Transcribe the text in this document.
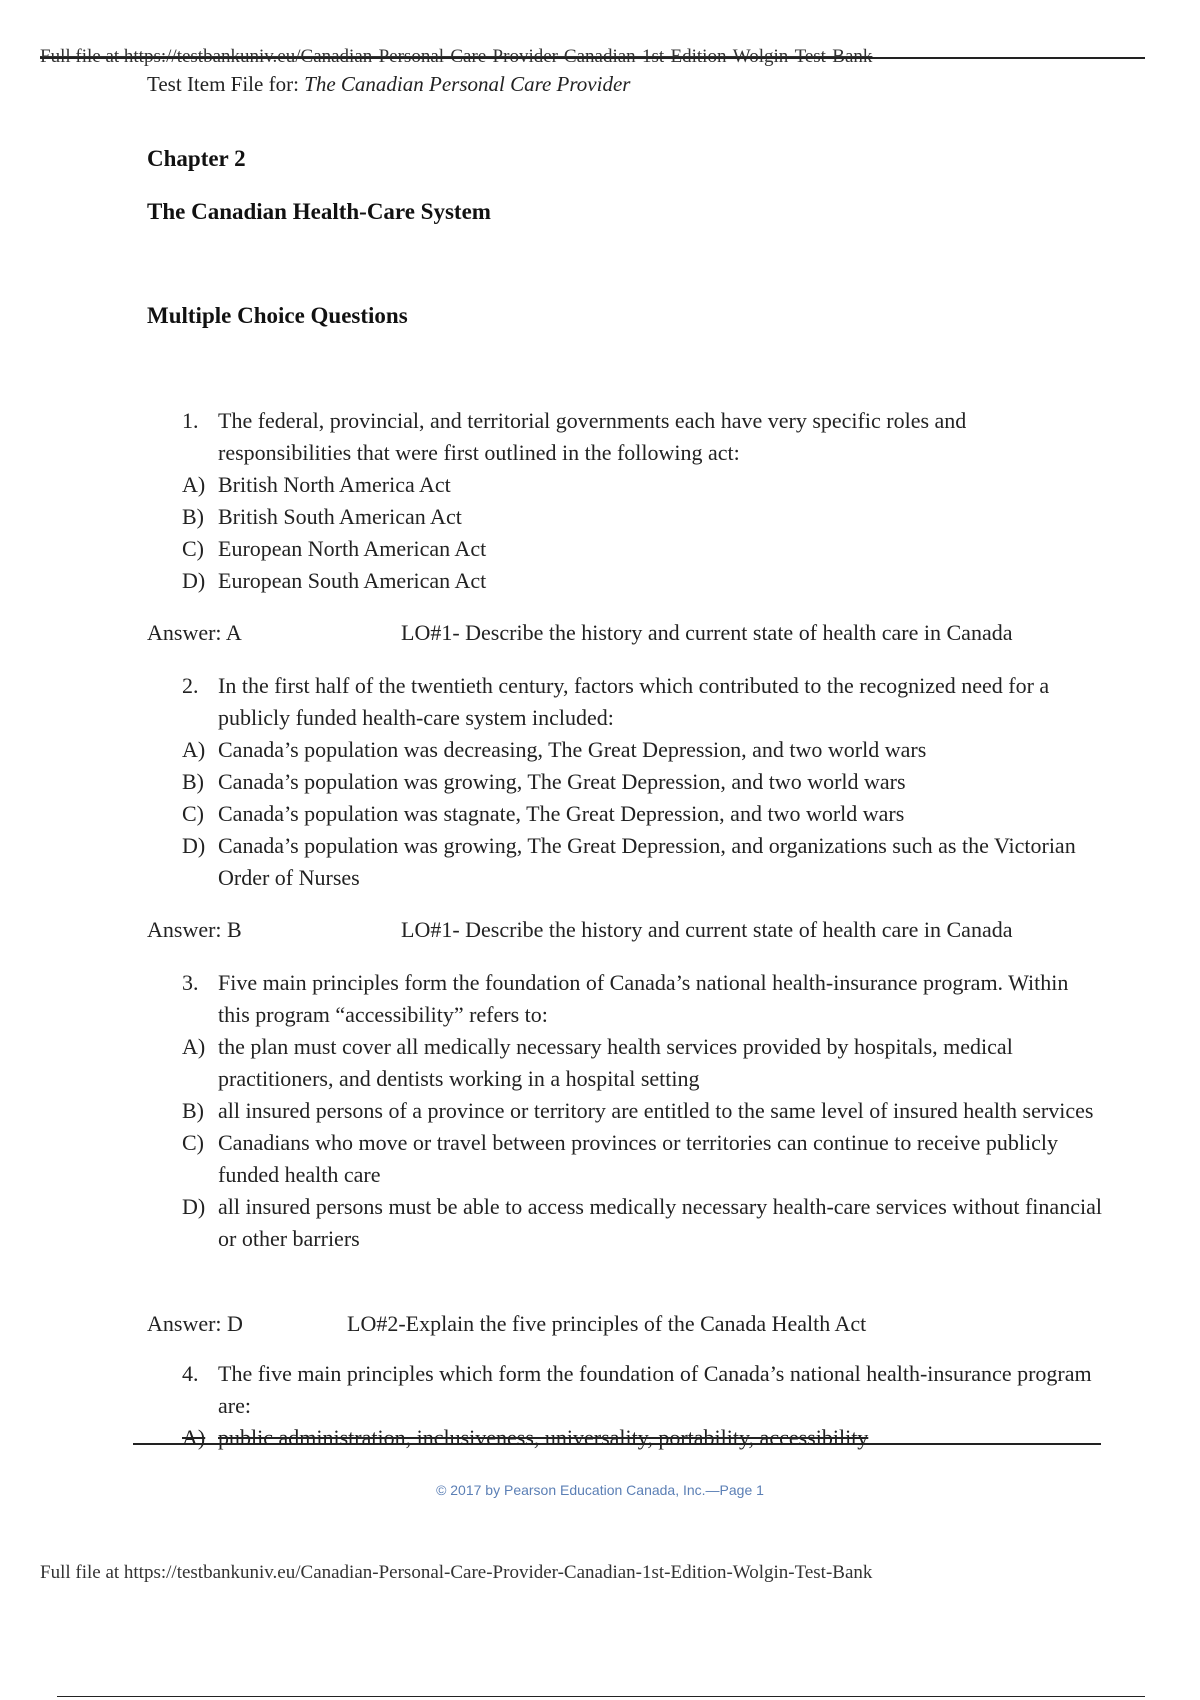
Full file at https://testbankuniv.eu/Canadian-Personal-Care-Provider-Canadian-1st-Edition-Wolgin-Test-Bank
Test Item File for: The Canadian Personal Care Provider
Chapter 2
The Canadian Health-Care System
Multiple Choice Questions
1. The federal, provincial, and territorial governments each have very specific roles and responsibilities that were first outlined in the following act:
A) British North America Act
B) British South American Act
C) European North American Act
D) European South American Act
Answer: A	LO#1- Describe the history and current state of health care in Canada
2. In the first half of the twentieth century, factors which contributed to the recognized need for a publicly funded health-care system included:
A) Canada’s population was decreasing, The Great Depression, and two world wars
B) Canada’s population was growing, The Great Depression, and two world wars
C) Canada’s population was stagnate, The Great Depression, and two world wars
D) Canada’s population was growing, The Great Depression, and organizations such as the Victorian Order of Nurses
Answer: B	LO#1- Describe the history and current state of health care in Canada
3. Five main principles form the foundation of Canada’s national health-insurance program. Within this program “accessibility” refers to:
A) the plan must cover all medically necessary health services provided by hospitals, medical practitioners, and dentists working in a hospital setting
B) all insured persons of a province or territory are entitled to the same level of insured health services
C) Canadians who move or travel between provinces or territories can continue to receive publicly funded health care
D) all insured persons must be able to access medically necessary health-care services without financial or other barriers
Answer: D	LO#2-Explain the five principles of the Canada Health Act
4. The five main principles which form the foundation of Canada’s national health-insurance program are:
A) public administration, inclusiveness, universality, portability, accessibility
© 2017 by Pearson Education Canada, Inc.—Page 1
Full file at https://testbankuniv.eu/Canadian-Personal-Care-Provider-Canadian-1st-Edition-Wolgin-Test-Bank
